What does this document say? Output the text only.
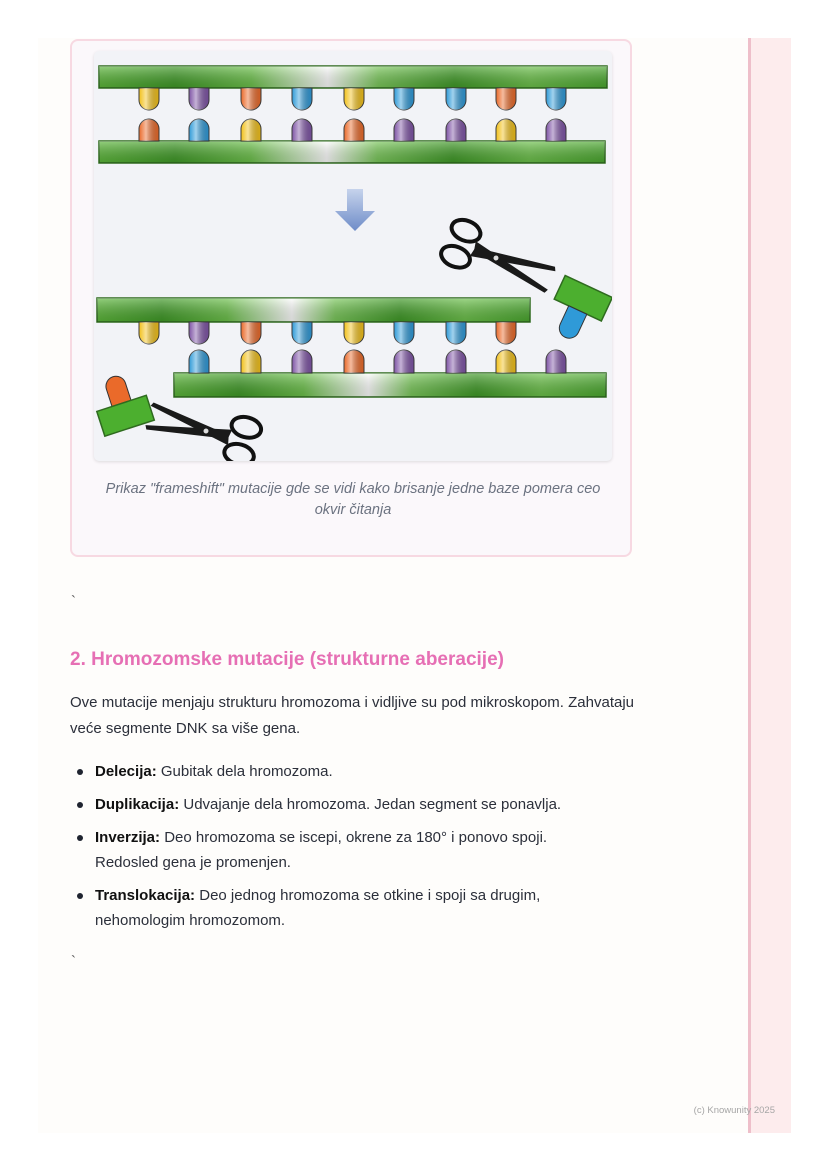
Prikaz "frameshift" mutacije gde se vidi kako brisanje jedne baze pomera ceo okvir čitanja
`
2. Hromozomske mutacije (strukturne aberacije)

Ove mutacije menjaju strukturu hromozoma i vidljive su pod mikroskopom. Zahvataju veće segmente DNK sa više gena.

Delecija: Gubitak dela hromozoma.
Duplikacija: Udvajanje dela hromozoma. Jedan segment se ponavlja.
Inverzija: Deo hromozoma se iscepi, okrene za 180° i ponovo spoji. Redosled gena je promenjen.
Translokacija: Deo jednog hromozoma se otkine i spoji sa drugim, nehomologim hromozomom.
`
(c) Knowunity 2025
